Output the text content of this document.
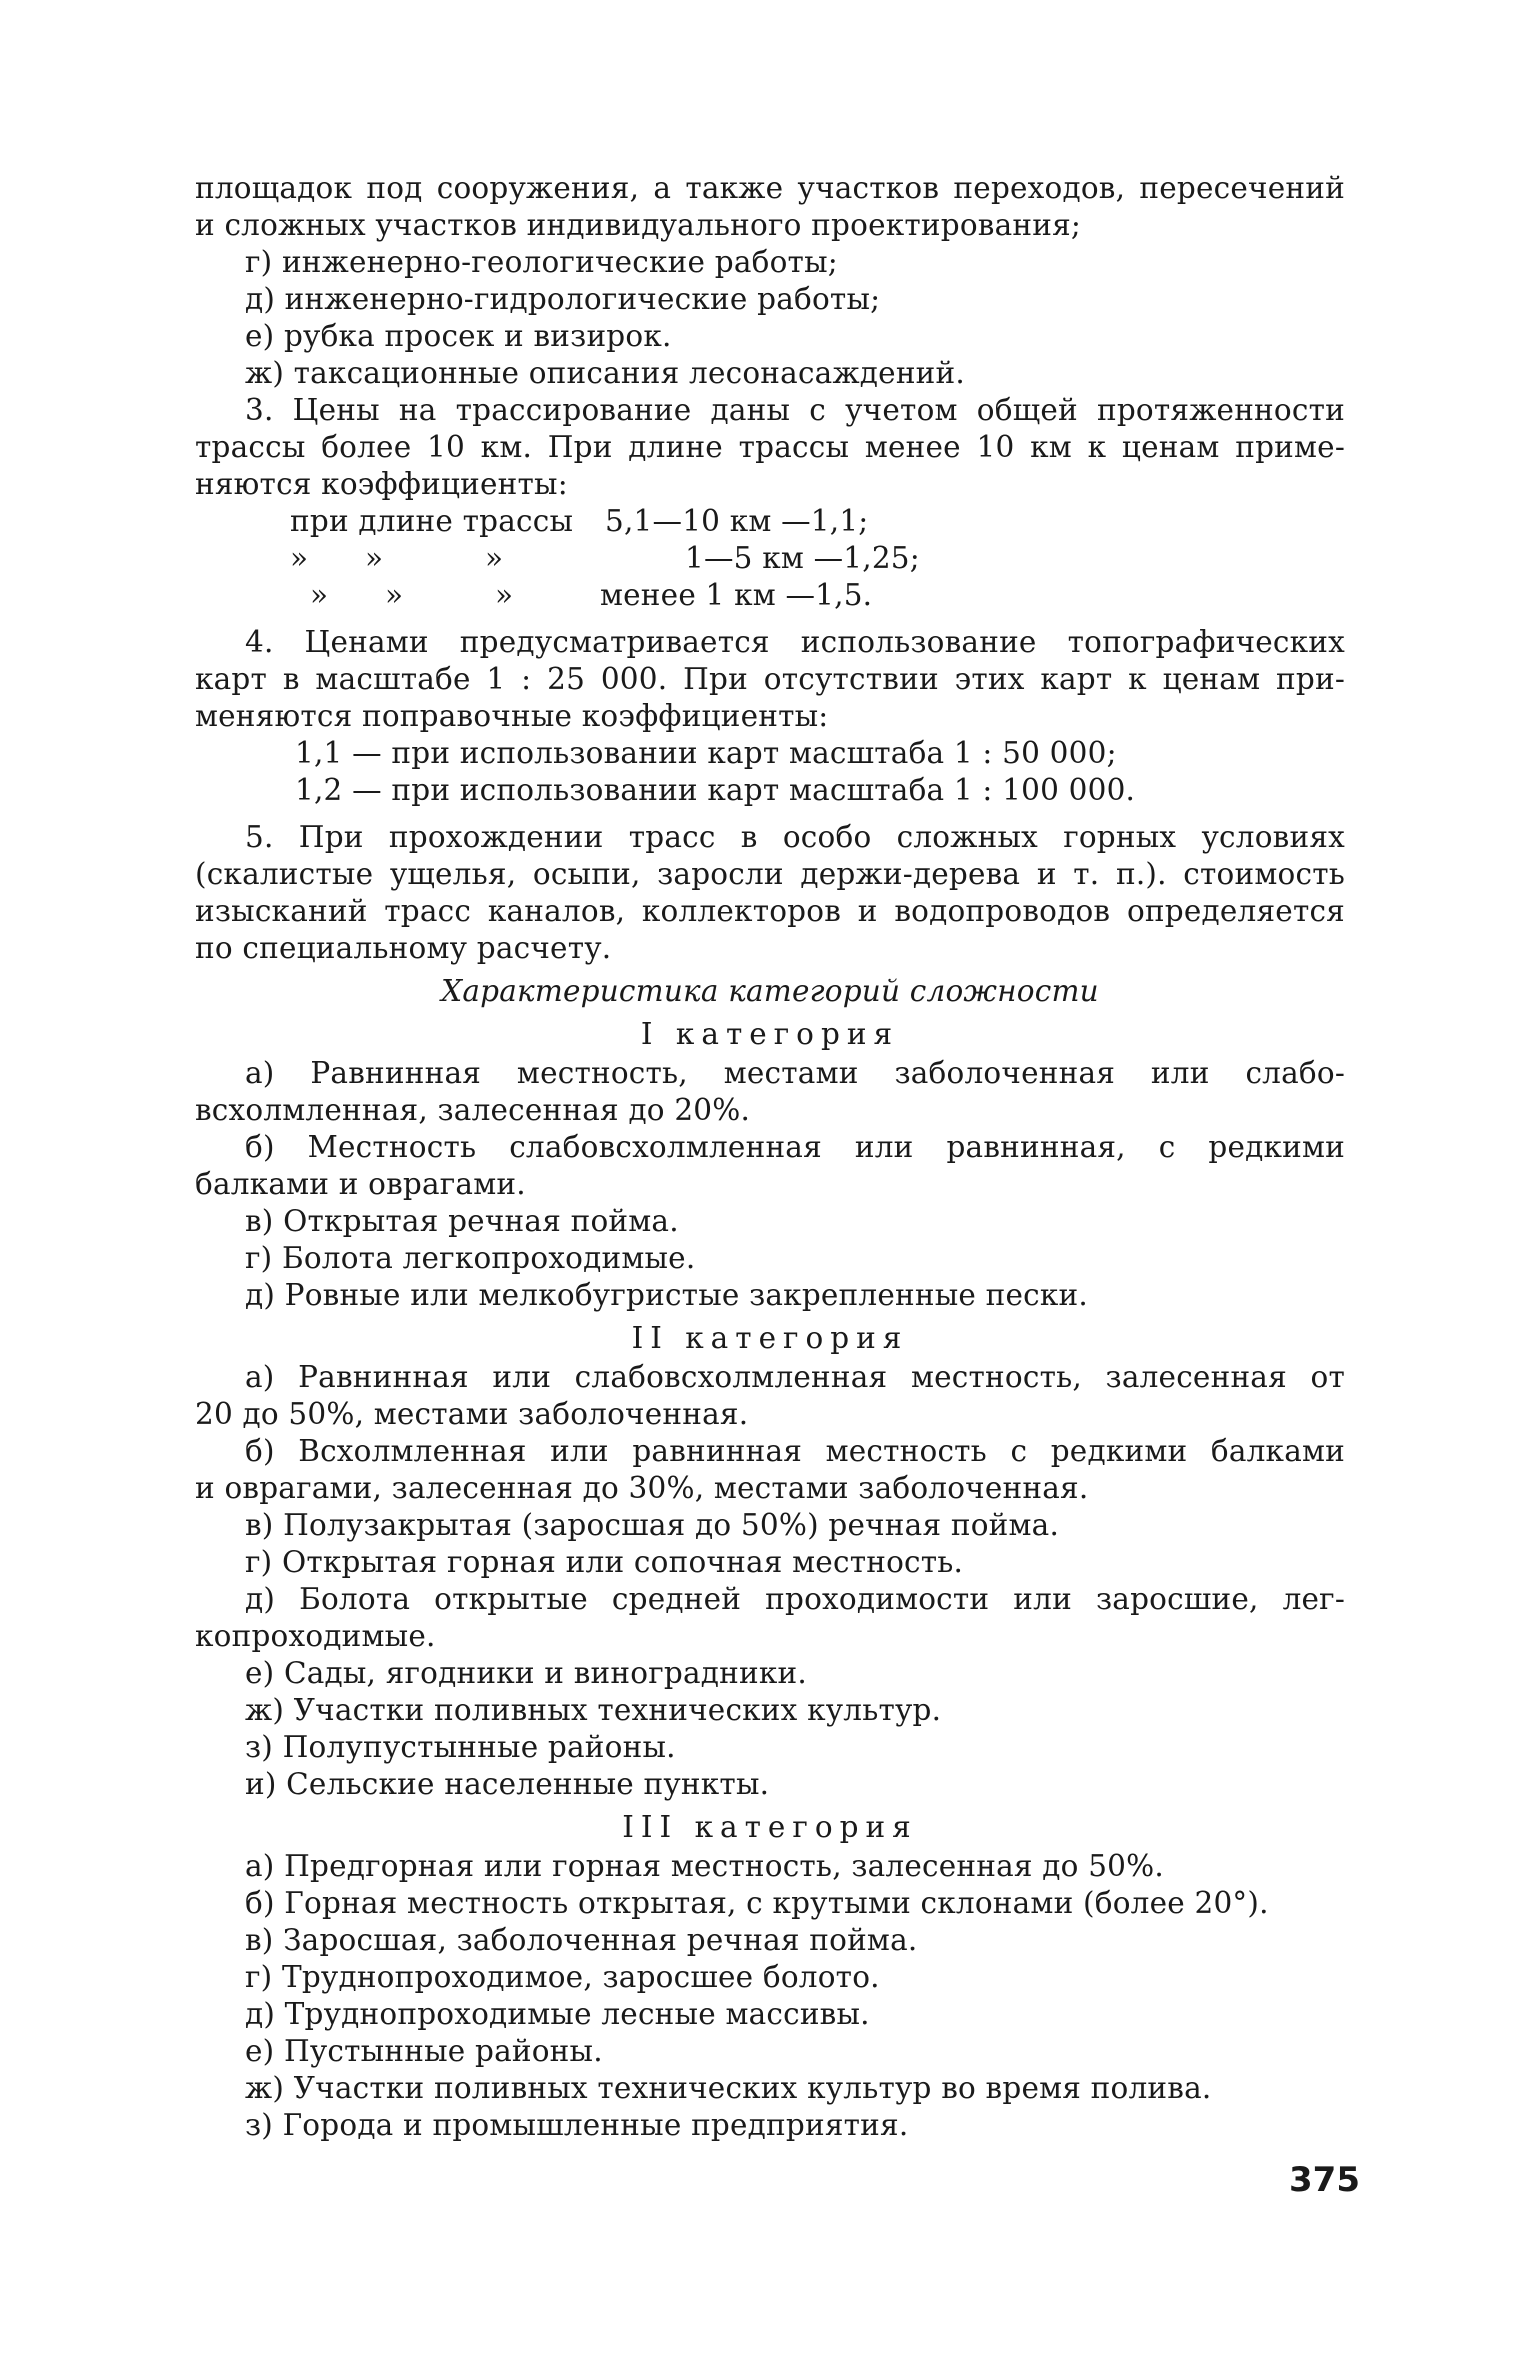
площадок под сооружения, а также участков переходов, пересечений

и сложных участков индивидуального проектирования;

г) инженерно-геологические работы;

д) инженерно-гидрологические работы;

е) рубка просек и визирок.

ж) таксационные описания лесонасаждений.

3. Цены на трассирование даны с учетом общей протяженности

трассы более 10 км. При длине трассы менее 10 км к ценам приме-

няются коэффициенты:

при длине трассы 5,1—10 км —1,1;

» »	»	1—5 км —1,25;

» »	»	менее 1 км —1,5.

4. Ценами предусматривается использование топографических

карт в масштабе 1 : 25 000. При отсутствии этих карт к ценам при-

меняются поправочные коэффициенты:

1,1 — при использовании карт масштаба 1 : 50 000;

1,2 — при использовании карт масштаба 1 : 100 000.

5. При прохождении трасс в особо сложных горных условиях

(скалистые ущелья, осыпи, заросли держи-дерева и т. п.). стоимость

изысканий трасс каналов, коллекторов и водопроводов определяется

по специальному расчету.

Характеристика категорий сложности

I категория

а) Равнинная местность, местами заболоченная или слабо-

всхолмленная, залесенная до 20%.

б) Местность слабовсхолмленная или равнинная, с редкими

балками и оврагами.

в) Открытая речная пойма.

г) Болота легкопроходимые.

д) Ровные или мелкобугристые закрепленные пески.

II категория

а) Равнинная или слабовсхолмленная местность, залесенная от

20 до 50%, местами заболоченная.

б) Всхолмленная или равнинная местность с редкими балками

и оврагами, залесенная до 30%, местами заболоченная.

в) Полузакрытая (заросшая до 50%) речная пойма.

г) Открытая горная или сопочная местность.

д) Болота открытые средней проходимости или заросшие, лег-

копроходимые.

е) Сады, ягодники и виноградники.

ж) Участки поливных технических культур.

з) Полупустынные районы.

и) Сельские населенные пункты.

III категория

а) Предгорная или горная местность, залесенная до 50%.

б) Горная местность открытая, с крутыми склонами (более 20°).

в) Заросшая, заболоченная речная пойма.

г) Труднопроходимое, заросшее болото.

д) Труднопроходимые лесные массивы.

е) Пустынные районы.

ж) Участки поливных технических культур во время полива.

з) Города и промышленные предприятия.

375
